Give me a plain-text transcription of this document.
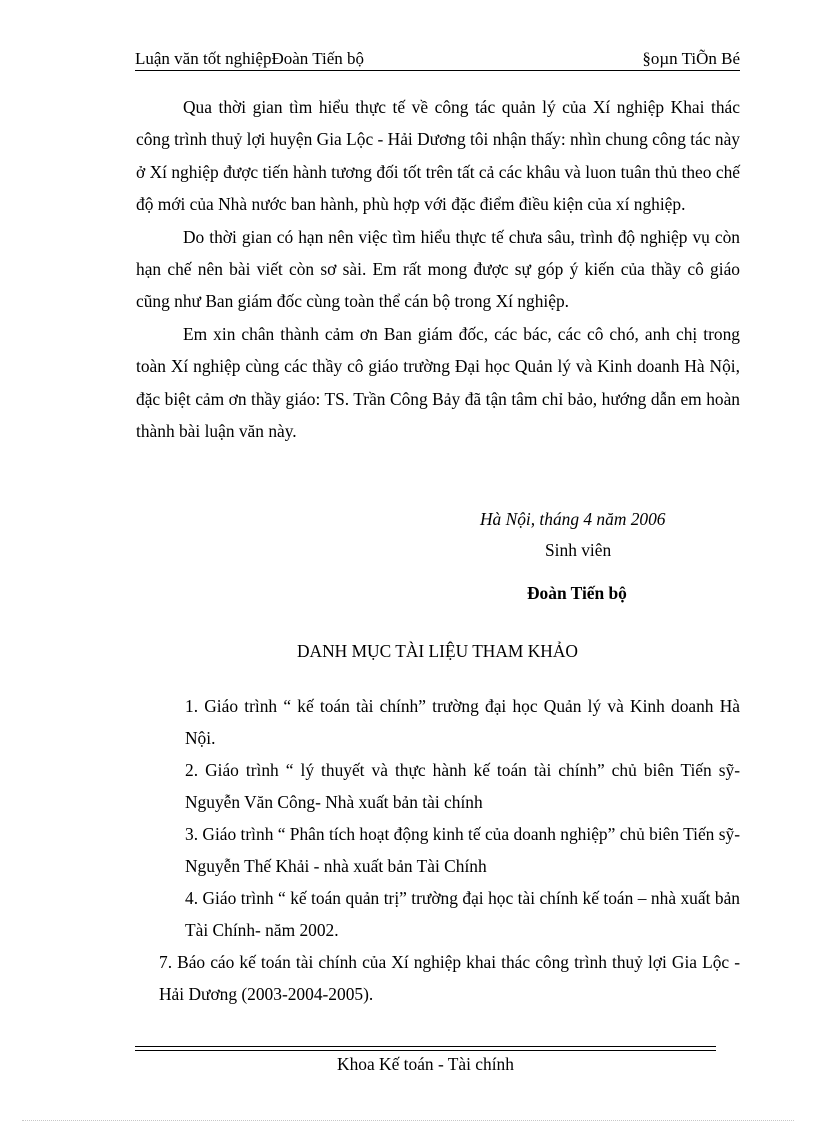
Luận văn tốt nghiệpĐoàn Tiến bộ	§oµn TiÕn Bé

Qua thời gian tìm hiểu thực tế về công tác quản lý của Xí nghiệp Khai thác công trình thuỷ lợi huyện Gia Lộc - Hải Dương tôi nhận thấy: nhìn chung công tác này ở Xí nghiệp được tiến hành tương đối tốt trên tất cả các khâu và luon tuân thủ theo chế độ mới của Nhà nước ban hành, phù hợp với đặc điểm điều kiện của xí nghiệp.

Do thời gian có hạn nên việc tìm hiểu thực tế chưa sâu, trình độ nghiệp vụ còn hạn chế nên bài viết còn sơ sài. Em rất mong được sự góp ý kiến của thầy cô giáo cũng như Ban giám đốc cùng toàn thể cán bộ trong Xí nghiệp.

Em xin chân thành cảm ơn Ban giám đốc, các bác, các cô chó, anh chị trong toàn Xí nghiệp cùng các thầy cô giáo trường Đại học Quản lý và Kinh doanh Hà Nội, đặc biệt cảm ơn thầy giáo: TS. Trần Công Bảy đã tận tâm chỉ bảo, hướng dẫn em hoàn thành bài luận văn này.

Hà Nội, tháng 4 năm 2006
Sinh viên
Đoàn Tiến bộ
DANH MỤC TÀI LIỆU THAM KHẢO

1. Giáo trình “ kế toán tài chính” trường đại học Quản lý và Kinh doanh Hà Nội.

2. Giáo trình “ lý thuyết và thực hành kế toán tài chính” chủ biên Tiến sỹ- Nguyễn Văn Công- Nhà xuất bản tài chính

3. Giáo trình “ Phân tích hoạt động kinh tế của doanh nghiệp” chủ biên Tiến sỹ- Nguyễn Thế Khải - nhà xuất bản Tài Chính

4. Giáo trình “ kế toán quản trị” trường đại học tài chính kế toán – nhà xuất bản Tài Chính- năm 2002.

7. Báo cáo kế toán tài chính của Xí nghiệp khai thác công trình thuỷ lợi Gia Lộc - Hải Dương (2003-2004-2005).

Khoa Kế toán - Tài chính
